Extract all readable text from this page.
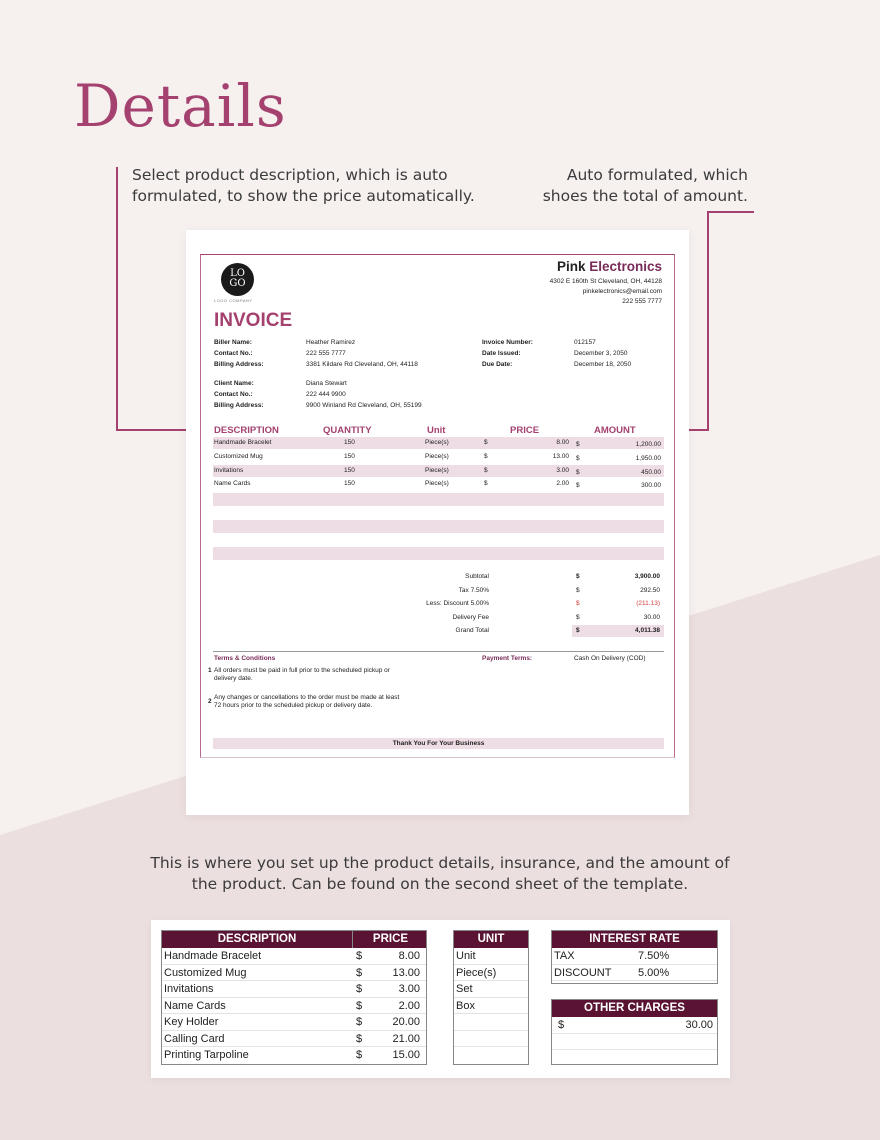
Details
Select product description, which is auto
formulated, to show the price automatically.
Auto formulated, which
shoes the total of amount.
LO
GO
LOGO COMPANY
Pink Electronics
4302 E 160th St Cleveland, OH, 44128
pinkelectronics@email.com
222 555 7777
INVOICE
Biller Name:	Heather Ramirez
Contact No.:	222 555 7777
Billing Address:	3381 Kildare Rd Cleveland, OH, 44118
Invoice Number:	012157
Date Issued:	December 3, 2050
Due Date:	December 18, 2050
Client Name:	Diana Stewart
Contact No.:	222 444 9900
Billing Address:	9900 Winland Rd Cleveland, OH, 55199
DESCRIPTION	QUANTITY	Unit	PRICE	AMOUNT
Handmade Bracelet	150	Piece(s)	$	8.00 $	1,200.00
Customized Mug	150	Piece(s)	$	13.00 $	1,950.00
Invitations	150	Piece(s)	$	3.00 $	450.00
Name Cards	150	Piece(s)	$	2.00 $	300.00
Subtotal	$	3,900.00
Tax 7.50%	$	292.50
Less: Discount 5.00%	$	(211.13)
Delivery Fee	$	30.00
Grand Total	$	4,011.38
Terms & Conditions
1 All orders must be paid in full prior to the scheduled pickup or delivery date.
2
Any changes or cancellations to the order must be made at least 72 hours prior to the scheduled pickup or delivery date.
Payment Terms:	Cash On Delivery (COD)
Thank You For Your Business
This is where you set up the product details, insurance, and the amount of
the product. Can be found on the second sheet of the template.
DESCRIPTION	PRICE
Handmade Bracelet	$	8.00
Customized Mug	$	13.00
Invitations	$	3.00
Name Cards	$	2.00
Key Holder	$	20.00
Calling Card	$	21.00
Printing Tarpoline	$	15.00
UNIT
Unit
Piece(s)
Set
Box
INTEREST RATE
TAX	7.50%
DISCOUNT 5.00%
OTHER CHARGES
$	30.00
